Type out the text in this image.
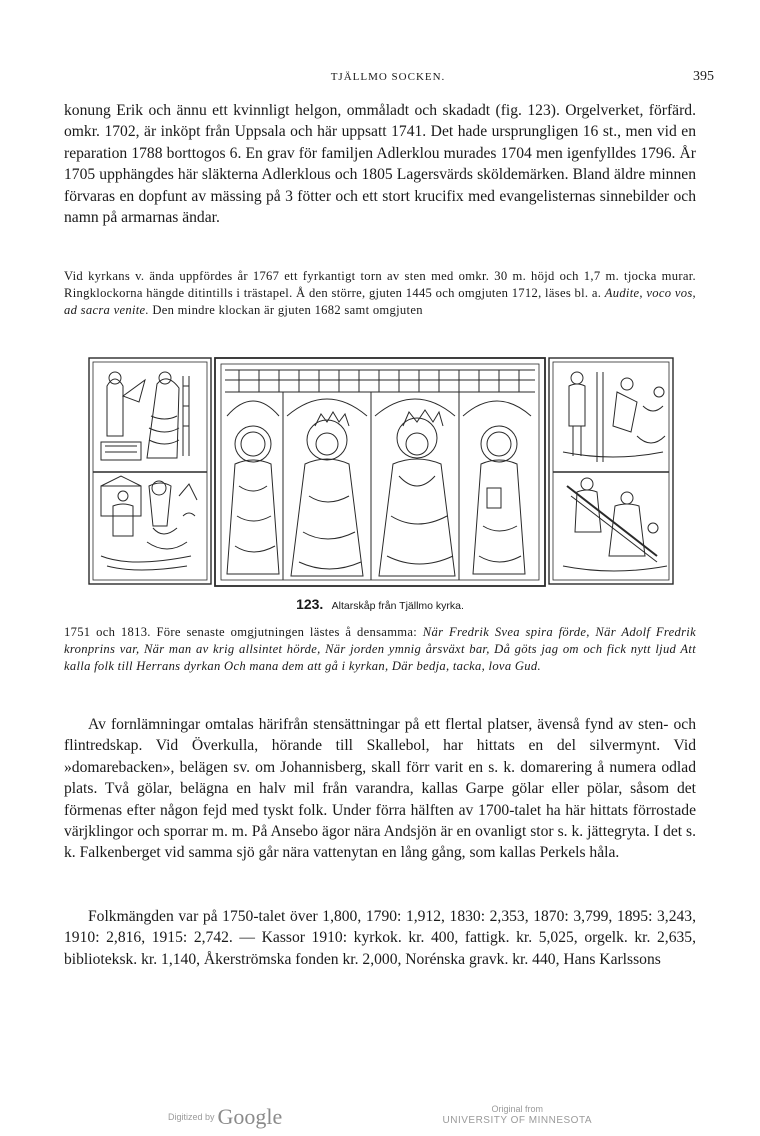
TJÄLLMO SOCKEN.	395

konung Erik och ännu ett kvinnligt helgon, ommåladt och skadadt (fig. 123). Orgelverket, förfärd. omkr. 1702, är inköpt från Uppsala och här uppsatt 1741. Det hade ursprungligen 16 st., men vid en reparation 1788 borttogos 6. En grav för familjen Adlerklou murades 1704 men igenfylldes 1796. År 1705 upphängdes här släkterna Adlerklous och 1805 Lagersvärds sköldemärken. Bland äldre minnen förvaras en dopfunt av mässing på 3 fötter och ett stort krucifix med evangelisternas sinnebilder och namn på armarnas ändar.

Vid kyrkans v. ända uppfördes år 1767 ett fyrkantigt torn av sten med omkr. 30 m. höjd och 1,7 m. tjocka murar. Ringklockorna hängde ditintills i trästapel. Å den större, gjuten 1445 och omgjuten 1712, läses bl. a. Audite, voco vos, ad sacra venite. Den mindre klockan är gjuten 1682 samt omgjuten

123. Altarskåp från Tjällmo kyrka.

1751 och 1813. Före senaste omgjutningen lästes å densamma: När Fredrik Svea spira förde, När Adolf Fredrik kronprins var, När man av krig allsintet hörde, När jorden ymnig årsväxt bar, Då göts jag om och fick nytt ljud Att kalla folk till Herrans dyrkan Och mana dem att gå i kyrkan, Där bedja, tacka, lova Gud.

Av fornlämningar omtalas härifrån stensättningar på ett flertal platser, ävenså fynd av sten- och flintredskap. Vid Överkulla, hörande till Skallebol, har hittats en del silvermynt. Vid »domarebacken», belägen sv. om Johannisberg, skall förr varit en s. k. domarering å numera odlad plats. Två gölar, belägna en halv mil från varandra, kallas Garpe gölar eller pölar, såsom det förmenas efter någon fejd med tyskt folk. Under förra hälften av 1700-talet ha här hittats förrostade värjklingor och sporrar m. m. På Ansebo ägor nära Andsjön är en ovanligt stor s. k. jättegryta. I det s. k. Falkenberget vid samma sjö går nära vattenytan en lång gång, som kallas Perkels håla.

Folkmängden var på 1750-talet över 1,800, 1790: 1,912, 1830: 2,353, 1870: 3,799, 1895: 3,243, 1910: 2,816, 1915: 2,742. — Kassor 1910: kyrkok. kr. 400, fattigk. kr. 5,025, orgelk. kr. 2,635, biblioteksk. kr. 1,140, Åkerströmska fonden kr. 2,000, Norénska gravk. kr. 440, Hans Karlssons

Digitized by Google	Original from
UNIVERSITY OF MINNESOTA
